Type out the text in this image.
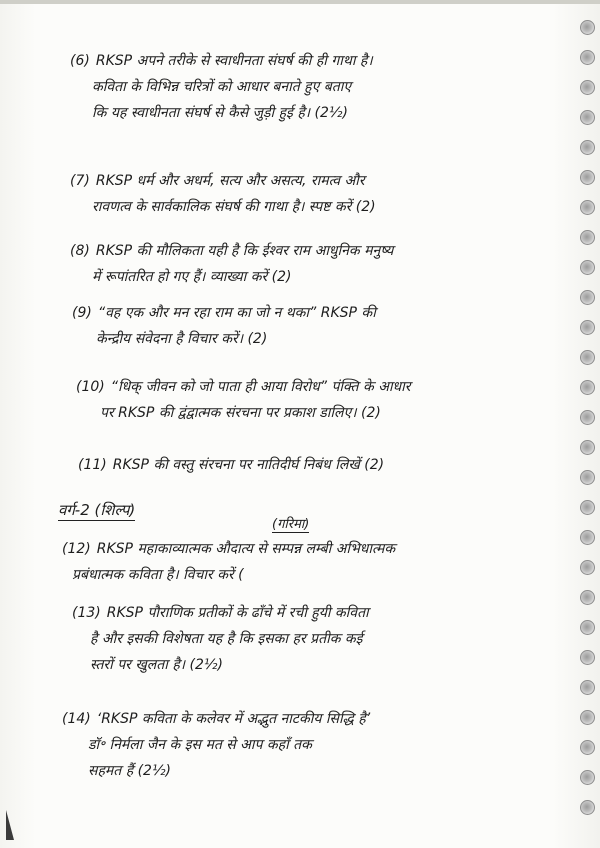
(6) RKSP अपने तरीके से स्वाधीनता संघर्ष की ही गाथा है।
कविता के विभिन्न चरित्रों को आधार बनाते हुए बताए
कि यह स्वाधीनता संघर्ष से कैसे जुड़ी हुई है। (2½)
(7) RKSP धर्म और अधर्म, सत्य और असत्य, रामत्व और
रावणत्व के सार्वकालिक संघर्ष की गाथा है। स्पष्ट करें (2)
(8) RKSP की मौलिकता यही है कि ईश्वर राम आधुनिक मनुष्य
में रूपांतरित हो गए हैं। व्याख्या करें (2)
(9) “वह एक और मन रहा राम का जो न थका” RKSP की
केन्द्रीय संवेदना है विचार करें। (2)
(10) “धिक् जीवन को जो पाता ही आया विरोध” पंक्ति के आधार
पर RKSP की द्वंद्वात्मक संरचना पर प्रकाश डालिए। (2)
(11) RKSP की वस्तु संरचना पर नातिदीर्घ निबंध लिखें (2)
वर्ग-2 (शिल्प)
(गरिमा)
(12) RKSP महाकाव्यात्मक औदात्य से सम्पन्न लम्बी अभिधात्मक
प्रबंधात्मक कविता है। विचार करें (
(13) RKSP पौराणिक प्रतीकों के ढाँचे में रची हुयी कविता
है और इसकी विशेषता यह है कि इसका हर प्रतीक कई
स्तरों पर खुलता है। (2½)
(14) ‘RKSP कविता के कलेवर में अद्भुत नाटकीय सिद्धि है’
डॉ॰ निर्मला जैन के इस मत से आप कहाँ तक
सहमत हैं (2½)
